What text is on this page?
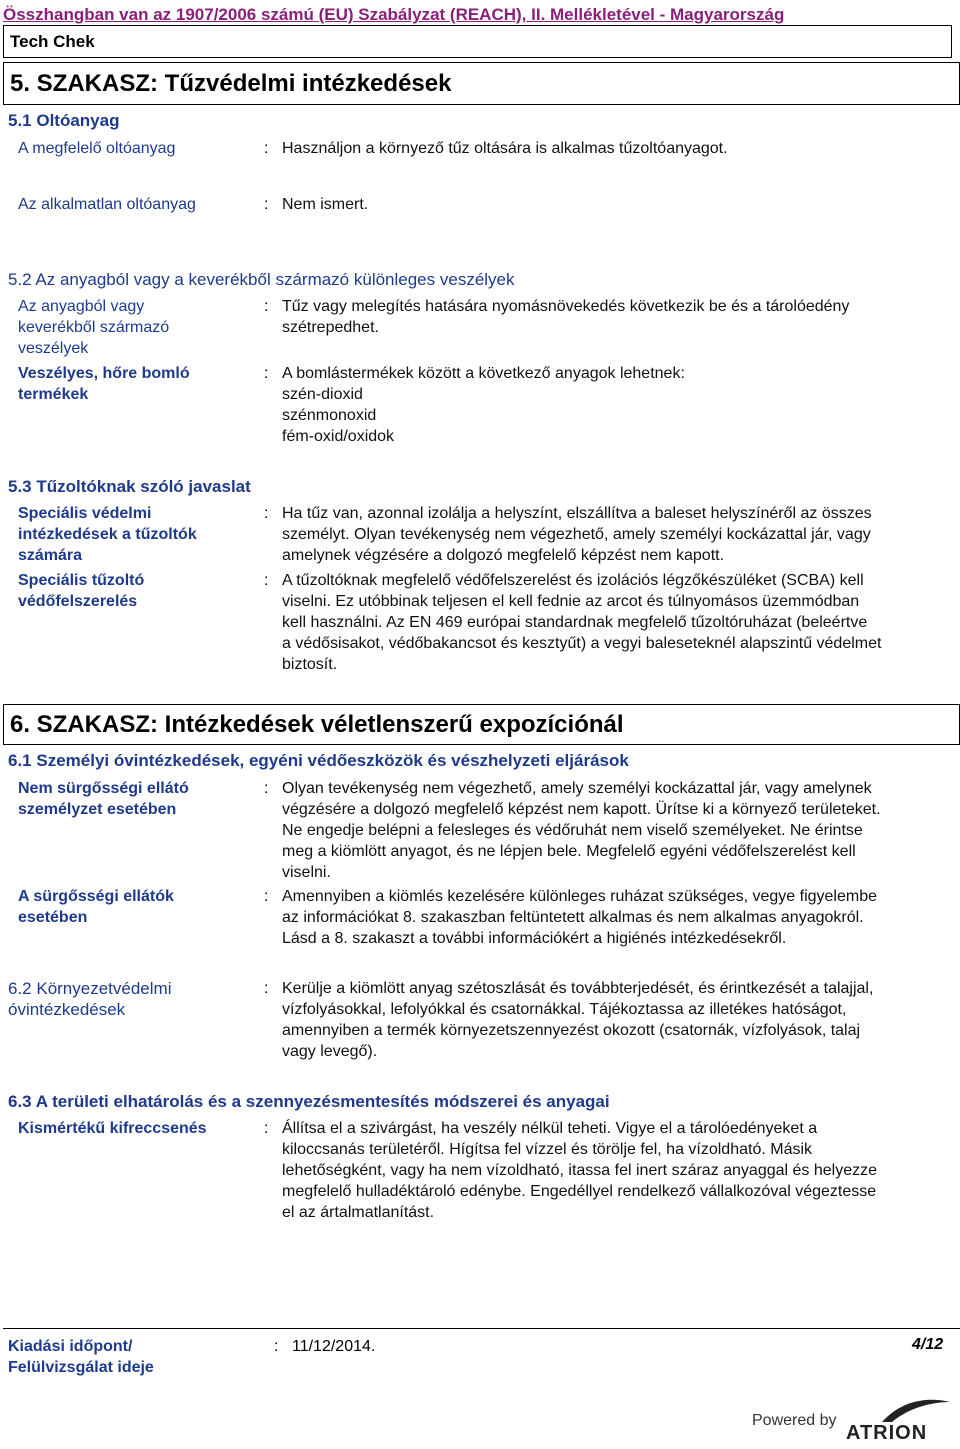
Összhangban van az 1907/2006 számú (EU) Szabályzat (REACH), II. Mellékletével - Magyarország
Tech Chek
5. SZAKASZ: Tűzvédelmi intézkedések
5.1 Oltóanyag
A megfelelő oltóanyag	: Használjon a környező tűz oltására is alkalmas tűzoltóanyagot.
Az alkalmatlan oltóanyag	: Nem ismert.
5.2 Az anyagból vagy a keverékből származó különleges veszélyek
Az anyagból vagy
keverékből származó
veszélyek
: Tűz vagy melegítés hatására nyomásnövekedés következik be és a tárolóedény
szétrepedhet.
Veszélyes, hőre bomló
termékek
: A bomlástermékek között a következő anyagok lehetnek:
szén-dioxid
szénmonoxid
fém-oxid/oxidok
5.3 Tűzoltóknak szóló javaslat
Speciális védelmi
intézkedések a tűzoltók
számára
: Ha tűz van, azonnal izolálja a helyszínt, elszállítva a baleset helyszínéről az összes
személyt. Olyan tevékenység nem végezhető, amely személyi kockázattal jár, vagy
amelynek végzésére a dolgozó megfelelő képzést nem kapott.
Speciális tűzoltó
védőfelszerelés
: A tűzoltóknak megfelelő védőfelszerelést és izolációs légzőkészüléket (SCBA) kell
viselni. Ez utóbbinak teljesen el kell fednie az arcot és túlnyomásos üzemmódban
kell használni. Az EN 469 európai standardnak megfelelő tűzoltóruházat (beleértve
a védősisakot, védőbakancsot és kesztyűt) a vegyi baleseteknél alapszintű védelmet
biztosít.
6. SZAKASZ: Intézkedések véletlenszerű expozíciónál
6.1 Személyi óvintézkedések, egyéni védőeszközök és vészhelyzeti eljárások
Nem sürgősségi ellátó
személyzet esetében
: Olyan tevékenység nem végezhető, amely személyi kockázattal jár, vagy amelynek
végzésére a dolgozó megfelelő képzést nem kapott. Ürítse ki a környező területeket.
Ne engedje belépni a felesleges és védőruhát nem viselő személyeket. Ne érintse
meg a kiömlött anyagot, és ne lépjen bele. Megfelelő egyéni védőfelszerelést kell
viselni.
A sürgősségi ellátók
esetében
: Amennyiben a kiömlés kezelésére különleges ruházat szükséges, vegye figyelembe
az információkat 8. szakaszban feltüntetett alkalmas és nem alkalmas anyagokról.
Lásd a 8. szakaszt a további információkért a higiénés intézkedésekről.
6.2 Környezetvédelmi
óvintézkedések
: Kerülje a kiömlött anyag szétoszlását és továbbterjedését, és érintkezését a talajjal,
vízfolyásokkal, lefolyókkal és csatornákkal. Tájékoztassa az illetékes hatóságot,
amennyiben a termék környezetszennyezést okozott (csatornák, vízfolyások, talaj
vagy levegő).
6.3 A területi elhatárolás és a szennyezésmentesítés módszerei és anyagai
Kismértékű kifreccsenés	: Állítsa el a szivárgást, ha veszély nélkül teheti. Vigye el a tárolóedényeket a
kiloccsanás területéről. Hígítsa fel vízzel és törölje fel, ha vízoldható. Másik
lehetőségként, vagy ha nem vízoldható, itassa fel inert száraz anyaggal és helyezze
megfelelő hulladéktároló edénybe. Engedéllyel rendelkező vállalkozóval végeztesse
el az ártalmatlanítást.
Kiadási időpont/
Felülvizsgálat ideje
: 11/12/2014.	4/12
Powered by
ATRION
